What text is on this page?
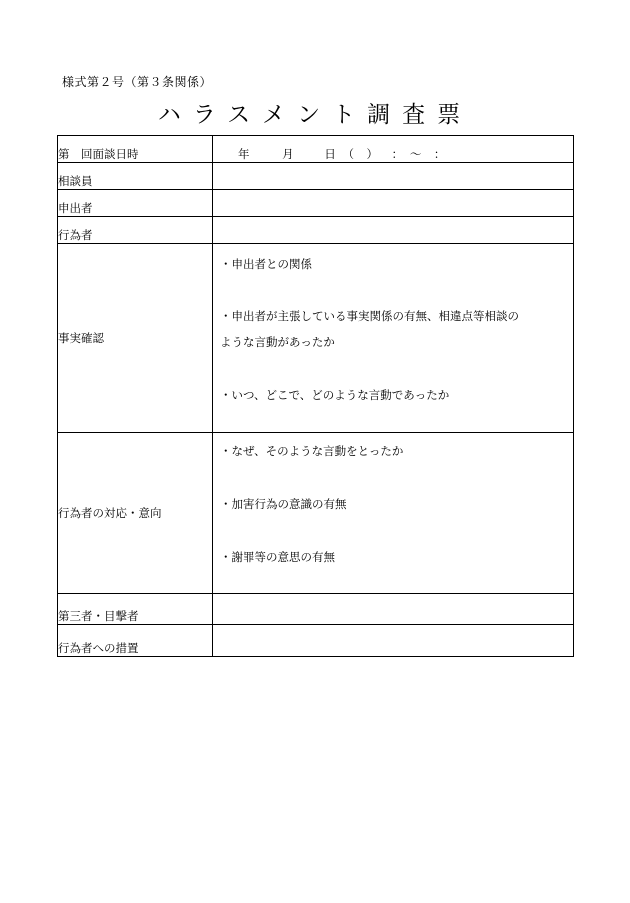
様式第２号（第３条関係）
ハラスメント調査票
第　回面談日時	年 月 日 （　） ：　～　：

相談員	
申出者	
行為者	
事実確認	・申出者との関係
・申出者が主張している事実関係の有無、相違点等相談の
ような言動があったか
・いつ、どこで、どのような言動であったか

行為者の対応・意向	・なぜ、そのような言動をとったか
・加害行為の意識の有無
・謝罪等の意思の有無

第三者・目撃者	
行為者への措置	
